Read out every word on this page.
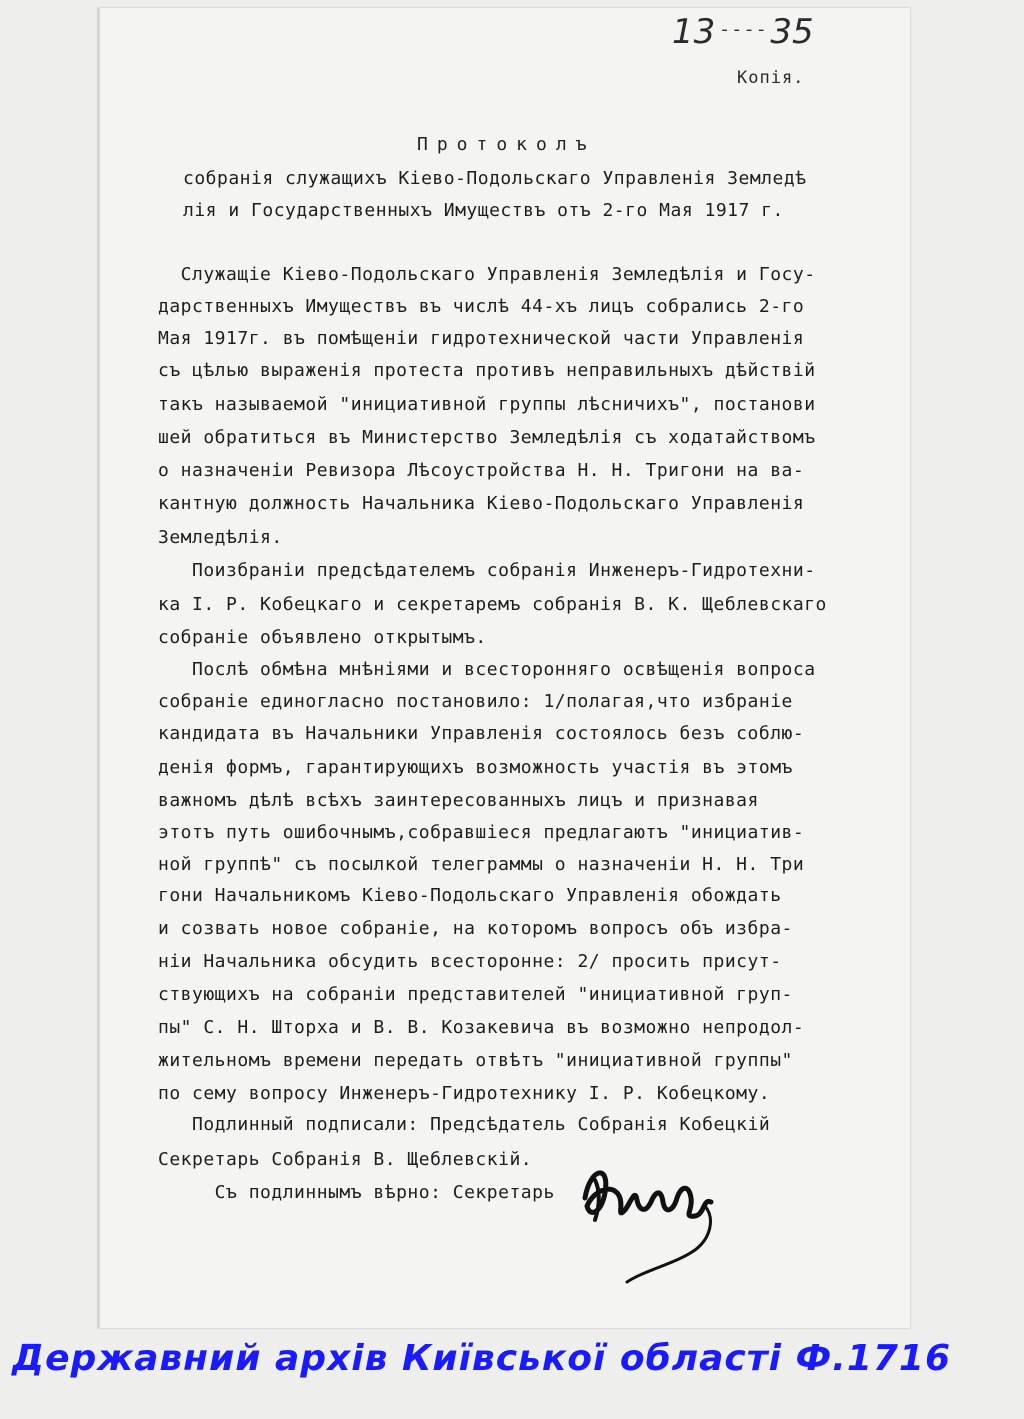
13 - - - - 35
Копія.
Протоколъ
собранія служащихъ Кіево-Подольскаго Управленія Земледѣ
лія и Государственныхъ Имуществъ отъ 2-го Мая 1917 г.
Служащіе Кіево-Подольскаго Управленія Земледѣлія и Госу-
дарственныхъ Имуществъ въ числѣ 44-хъ лицъ собрались 2-го
Мая 1917г. въ помѣщеніи гидротехнической части Управленія
съ цѣлью выраженія протеста противъ неправильныхъ дѣйствій
такъ называемой "инициативной группы лѣсничихъ", постанови
шей обратиться въ Министерство Земледѣлія съ ходатайствомъ
о назначеніи Ревизора Лѣсоустройства Н. Н. Тригони на ва-
кантную должность Начальника Кіево-Подольскаго Управленія
Земледѣлія.
Поизбраніи предсѣдателемъ собранія Инженеръ-Гидротехни-
ка І. Р. Кобецкаго и секретаремъ собранія В. К. Щеблевскаго
собраніе объявлено открытымъ.
Послѣ обмѣна мнѣніями и всесторонняго освѣщенія вопроса
собраніе единогласно постановило: 1/полагая,что избраніе
кандидата въ Начальники Управленія состоялось безъ соблю-
денія формъ, гарантирующихъ возможность участія въ этомъ
важномъ дѣлѣ всѣхъ заинтересованныхъ лицъ и признавая
этотъ путь ошибочнымъ,собравшіеся предлагаютъ "инициатив-
ной группѣ" съ посылкой телеграммы о назначеніи Н. Н. Три
гони Начальникомъ Кіево-Подольскаго Управленія обождать
и созвать новое собраніе, на которомъ вопросъ объ избра-
ніи Начальника обсудить всесторонне: 2/ просить присут-
ствующихъ на собраніи представителей "инициативной груп-
пы" С. Н. Шторха и В. В. Козакевича въ возможно непродол-
жительномъ времени передать отвѣтъ "инициативной группы"
по сему вопросу Инженеръ-Гидротехнику І. Р. Кобецкому.
Подлинный подписали: Предсѣдатель Собранія Кобецкій
Секретарь Собранія В. Щеблевскій.
Съ подлиннымъ вѣрно: Секретарь
Державний архів Київської області Ф.1716
